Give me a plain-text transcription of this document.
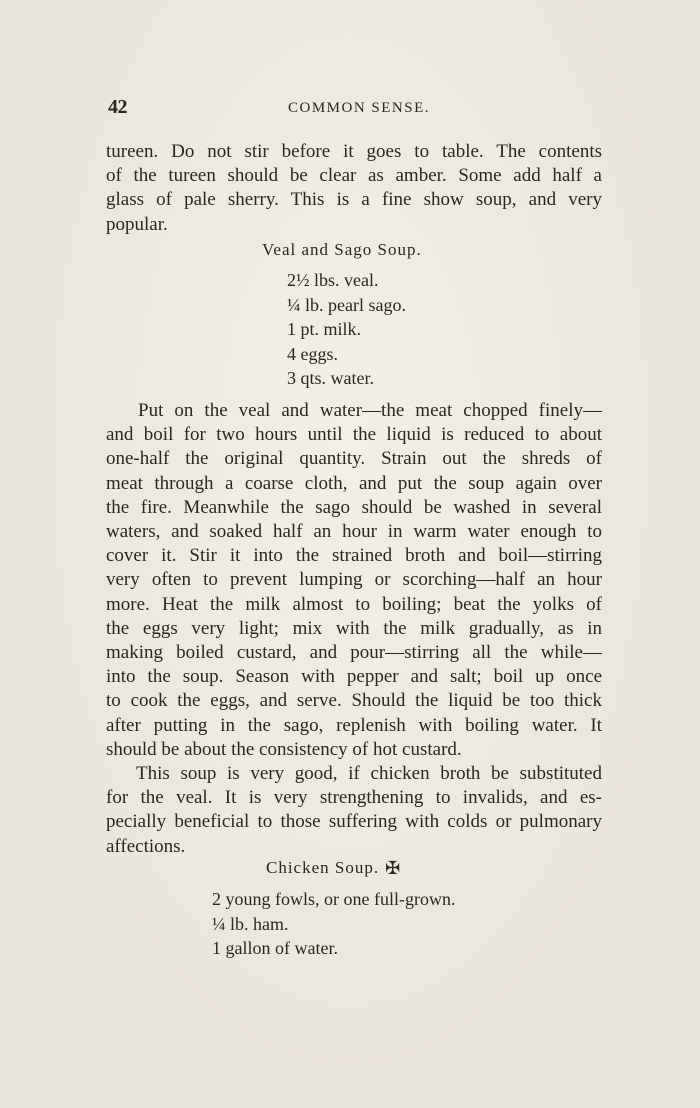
42	COMMON SENSE.
tureen. Do not stir before it goes to table. The contents
of the tureen should be clear as amber. Some add half a
glass of pale sherry. This is a fine show soup, and very
popular.
Veal and Sago Soup.
2½ lbs. veal.
¼ lb. pearl sago.
1 pt. milk.
4 eggs.
3 qts. water.
Put on the veal and water—the meat chopped finely—
and boil for two hours until the liquid is reduced to about
one-half the original quantity. Strain out the shreds of
meat through a coarse cloth, and put the soup again over
the fire. Meanwhile the sago should be washed in several
waters, and soaked half an hour in warm water enough to
cover it. Stir it into the strained broth and boil—stirring
very often to prevent lumping or scorching—half an hour
more. Heat the milk almost to boiling; beat the yolks of
the eggs very light; mix with the milk gradually, as in
making boiled custard, and pour—stirring all the while—
into the soup. Season with pepper and salt; boil up once
to cook the eggs, and serve. Should the liquid be too thick
after putting in the sago, replenish with boiling water. It
should be about the consistency of hot custard.
This soup is very good, if chicken broth be substituted
for the veal. It is very strengthening to invalids, and es-
pecially beneficial to those suffering with colds or pulmonary
affections.
Chicken Soup. ✠
2 young fowls, or one full-grown.
¼ lb. ham.
1 gallon of water.
